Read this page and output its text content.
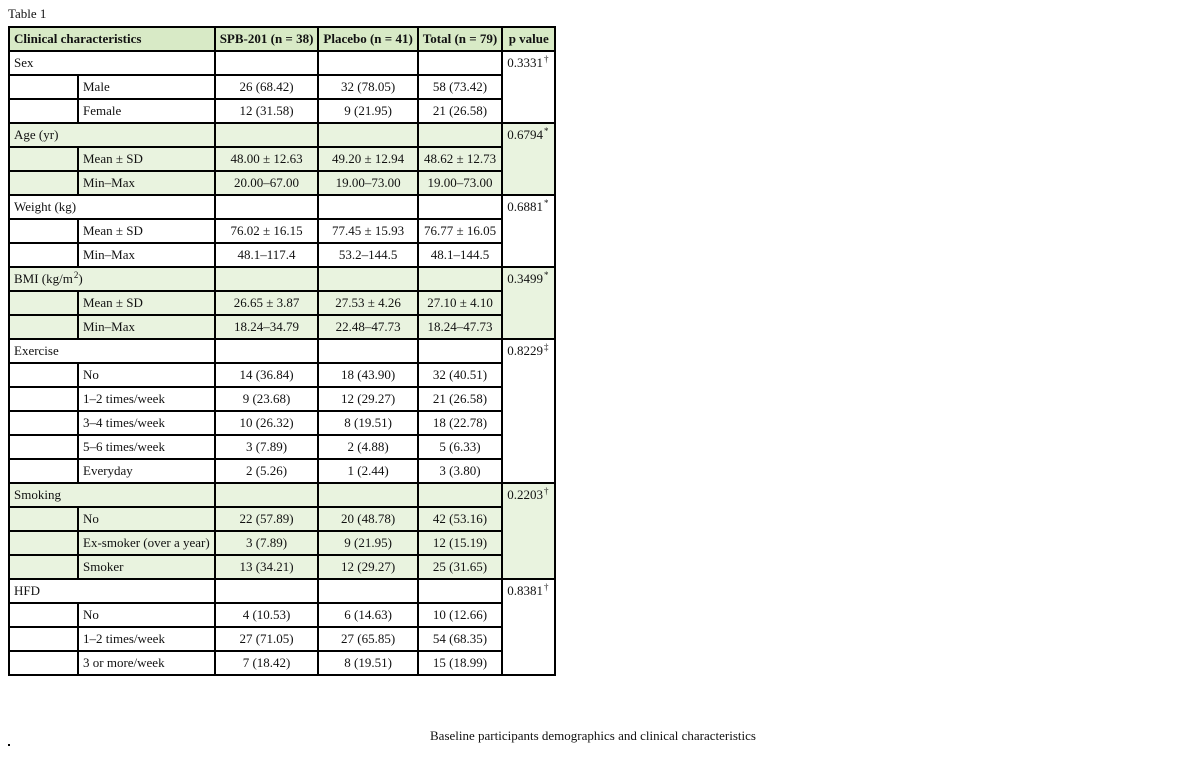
Table 1
Clinical characteristics		SPB-201 (n = 38)	Placebo (n = 41)	Total (n = 79)	p value
Sex					0.3331†
	Male	26 (68.42)	32 (78.05)	58 (73.42)	
	Female	12 (31.58)	9 (21.95)	21 (26.58)	
Age (yr)					0.6794*
	Mean ± SD	48.00 ± 12.63	49.20 ± 12.94	48.62 ± 12.73	
	Min–Max	20.00–67.00	19.00–73.00	19.00–73.00	
Weight (kg)					0.6881*
	Mean ± SD	76.02 ± 16.15	77.45 ± 15.93	76.77 ± 16.05	
	Min–Max	48.1–117.4	53.2–144.5	48.1–144.5	
BMI $(kg/m^2)$					0.3499*
	Mean ± SD	26.65 ± 3.87	27.53 ± 4.26	27.10 ± 4.10	
	Min–Max	18.24–34.79	22.48–47.73	18.24–47.73	
Exercise					0.8229‡
	No	14 (36.84)	18 (43.90)	32 (40.51)	
	1–2 times/week	9 (23.68)	12 (29.27)	21 (26.58)	
	3–4 times/week	10 (26.32)	8 (19.51)	18 (22.78)	
	5–6 times/week	3 (7.89)	2 (4.88)	5 (6.33)	
	Everyday	2 (5.26)	1 (2.44)	3 (3.80)	
Smoking					0.2203†
	No	22 (57.89)	20 (48.78)	42 (53.16)	
	Ex-smoker (over a year)	3 (7.89)	9 (21.95)	12 (15.19)	
	Smoker	13 (34.21)	12 (29.27)	25 (31.65)	
HFD					0.8381†
	No	4 (10.53)	6 (14.63)	10 (12.66)	
	1–2 times/week	27 (71.05)	27 (65.85)	54 (68.35)	
	3 or more/week	7 (18.42)	8 (19.51)	15 (18.99)	
Baseline participants demographics and clinical characteristics
